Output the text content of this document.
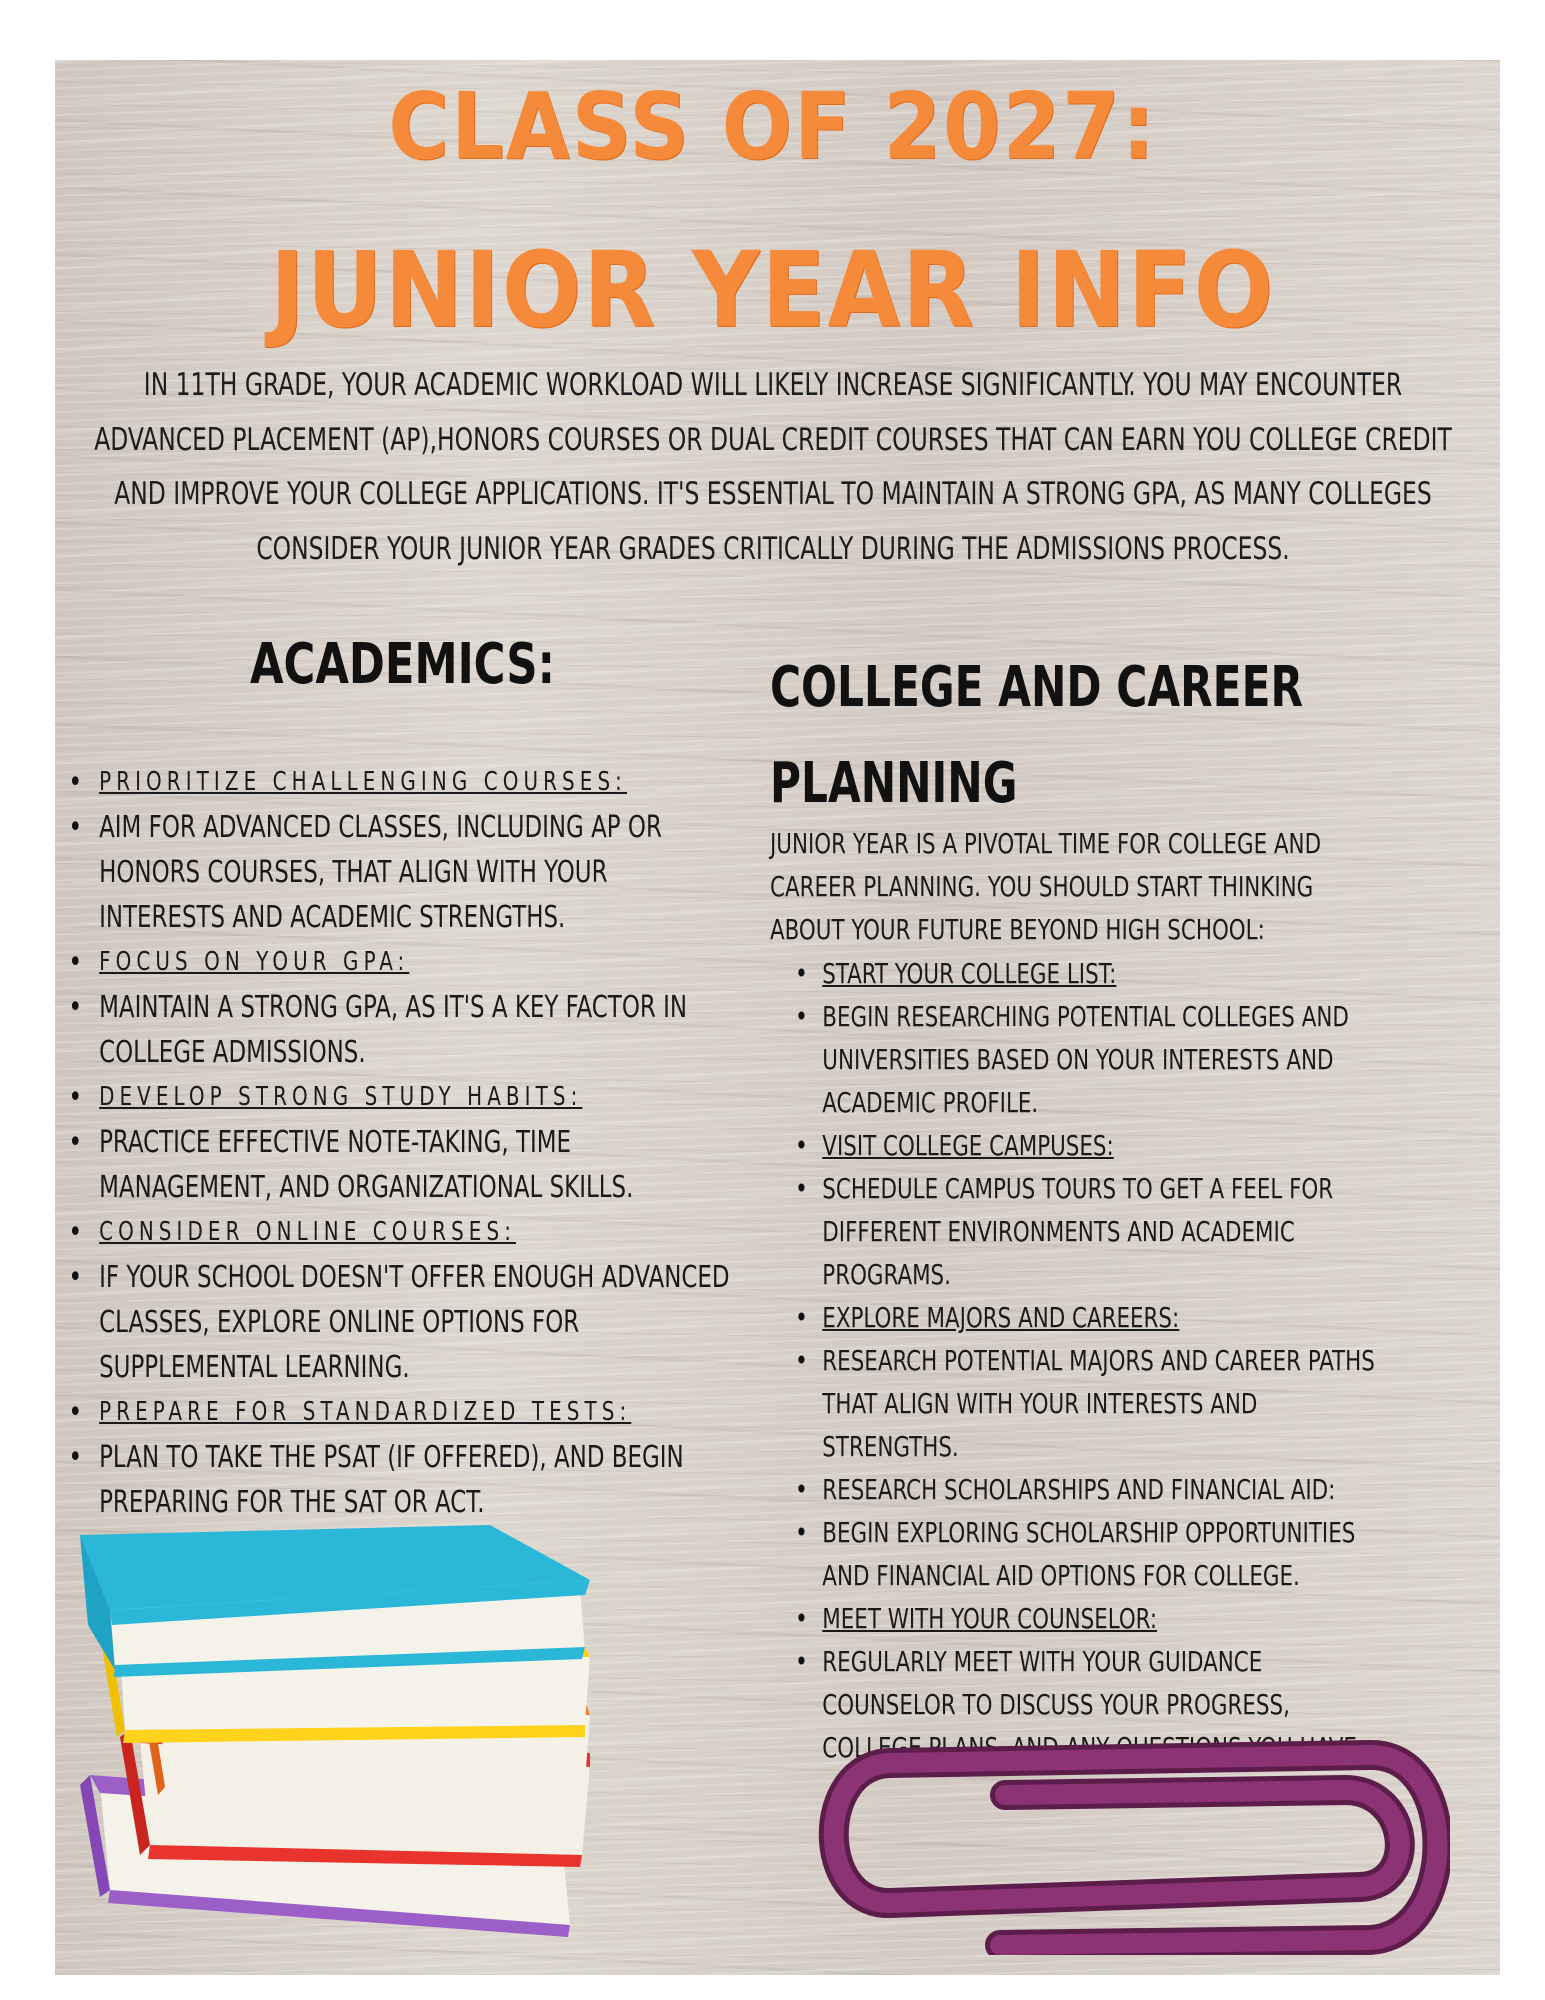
CLASS OF 2027:
JUNIOR YEAR INFO
IN 11TH GRADE, YOUR ACADEMIC WORKLOAD WILL LIKELY INCREASE SIGNIFICANTLY. YOU MAY ENCOUNTER ADVANCED PLACEMENT (AP),HONORS COURSES OR DUAL CREDIT COURSES THAT CAN EARN YOU COLLEGE CREDIT AND IMPROVE YOUR COLLEGE APPLICATIONS. IT'S ESSENTIAL TO MAINTAIN A STRONG GPA, AS MANY COLLEGES CONSIDER YOUR JUNIOR YEAR GRADES CRITICALLY DURING THE ADMISSIONS PROCESS.
ACADEMICS:
• PRIORITIZE CHALLENGING COURSES:
• AIM FOR ADVANCED CLASSES, INCLUDING AP OR HONORS COURSES, THAT ALIGN WITH YOUR INTERESTS AND ACADEMIC STRENGTHS.
• FOCUS ON YOUR GPA:
• MAINTAIN A STRONG GPA, AS IT'S A KEY FACTOR IN COLLEGE ADMISSIONS.
• DEVELOP STRONG STUDY HABITS:
• PRACTICE EFFECTIVE NOTE-TAKING, TIME MANAGEMENT, AND ORGANIZATIONAL SKILLS.
• CONSIDER ONLINE COURSES:
• IF YOUR SCHOOL DOESN'T OFFER ENOUGH ADVANCED CLASSES, EXPLORE ONLINE OPTIONS FOR SUPPLEMENTAL LEARNING.
• PREPARE FOR STANDARDIZED TESTS:
• PLAN TO TAKE THE PSAT (IF OFFERED), AND BEGIN PREPARING FOR THE SAT OR ACT.
COLLEGE AND CAREER PLANNING
JUNIOR YEAR IS A PIVOTAL TIME FOR COLLEGE AND CAREER PLANNING. YOU SHOULD START THINKING ABOUT YOUR FUTURE BEYOND HIGH SCHOOL:
• START YOUR COLLEGE LIST:
• BEGIN RESEARCHING POTENTIAL COLLEGES AND UNIVERSITIES BASED ON YOUR INTERESTS AND ACADEMIC PROFILE.
• VISIT COLLEGE CAMPUSES:
• SCHEDULE CAMPUS TOURS TO GET A FEEL FOR DIFFERENT ENVIRONMENTS AND ACADEMIC PROGRAMS.
• EXPLORE MAJORS AND CAREERS:
• RESEARCH POTENTIAL MAJORS AND CAREER PATHS THAT ALIGN WITH YOUR INTERESTS AND STRENGTHS.
• RESEARCH SCHOLARSHIPS AND FINANCIAL AID:
• BEGIN EXPLORING SCHOLARSHIP OPPORTUNITIES AND FINANCIAL AID OPTIONS FOR COLLEGE.
• MEET WITH YOUR COUNSELOR:
• REGULARLY MEET WITH YOUR GUIDANCE COUNSELOR TO DISCUSS YOUR PROGRESS, COLLEGE PLANS, AND ANY QUESTIONS YOU HAVE.
